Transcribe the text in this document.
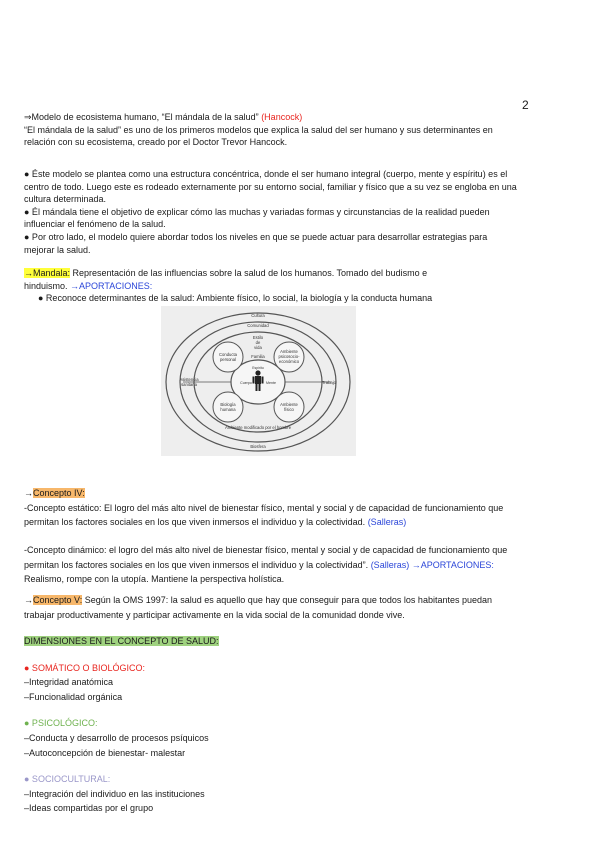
2

⇒Modelo de ecosistema humano, “El mándala de la salud” (Hancock)

“El mándala de la salud” es uno de los primeros modelos que explica la salud del ser humano y sus determinantes en

relación con su ecosistema, creado por el Doctor Trevor Hancock.

● Éste modelo se plantea como una estructura concéntrica, donde el ser humano integral (cuerpo, mente y espíritu) es el

centro de todo. Luego este es rodeado externamente por su entorno social, familiar y físico que a su vez se engloba en una

cultura determinada.

● Él mándala tiene el objetivo de explicar cómo las muchas y variadas formas y circunstancias de la realidad pueden

influenciar el fenómeno de la salud.

● Por otro lado, el modelo quiere abordar todos los niveles en que se puede actuar para desarrollar estrategias para

mejorar la salud.

→Mandala: Representación de las influencias sobre la salud de los humanos. Tomado del budismo e

hinduismo. →APORTACIONES:

● Reconoce determinantes de la salud: Ambiente físico, lo social, la biología y la conducta humana

Cultura
Comunidad
Estilo
de
vida
Conducta
personal
Familia
Ambiente
psicosocio-
económico
Asistencia
sanitaria	Trabajo
Espíritu
Cuerpo	Mente
Biología
humana
Ambiente
físico
Ambiente modificado por el hombre
Biosfera

→Concepto IV:

-Concepto estático: El logro del más alto nivel de bienestar físico, mental y social y de capacidad de funcionamiento que

permitan los factores sociales en los que viven inmersos el individuo y la colectividad. (Salleras)

-Concepto dinámico: el logro del más alto nivel de bienestar físico, mental y social y de capacidad de funcionamiento que

permitan los factores sociales en los que viven inmersos el individuo y la colectividad”. (Salleras) →APORTACIONES:

Realismo, rompe con la utopía. Mantiene la perspectiva holística.

→Concepto V: Según la OMS 1997: la salud es aquello que hay que conseguir para que todos los habitantes puedan

trabajar productivamente y participar activamente en la vida social de la comunidad donde vive.

DIMENSIONES EN EL CONCEPTO DE SALUD:

● SOMÁTICO O BIOLÓGICO:

–Integridad anatómica

–Funcionalidad orgánica

● PSICOLÓGICO:

–Conducta y desarrollo de procesos psíquicos

–Autoconcepción de bienestar- malestar

● SOCIOCULTURAL:

–Integración del individuo en las instituciones

–Ideas compartidas por el grupo
